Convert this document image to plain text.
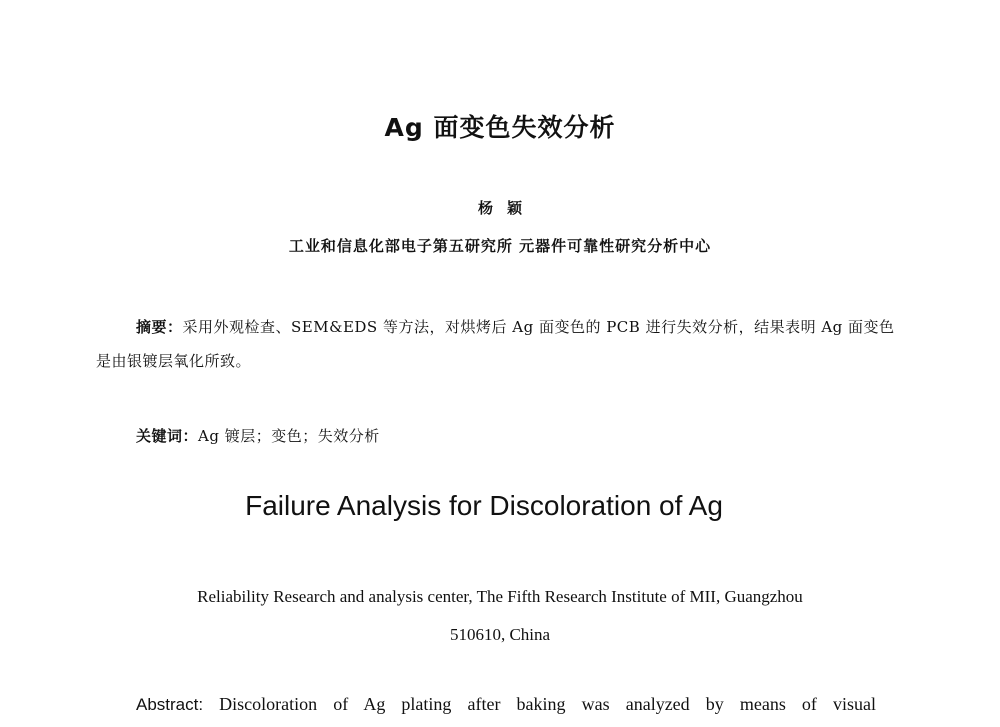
Ag 面变色失效分析
杨颖
工业和信息化部电子第五研究所 元器件可靠性研究分析中心
摘要：采用外观检查、SEM&EDS 等方法，对烘烤后 Ag 面变色的 PCB 进行失效分析，结果表明 Ag 面变色是由银镀层氧化所致。
关键词：Ag 镀层；变色；失效分析
Failure Analysis for Discoloration of Ag
Reliability Research and analysis center, The Fifth Research Institute of MII, Guangzhou
510610, China
Abstract: Discoloration of Ag plating after baking was analyzed by means of visual
